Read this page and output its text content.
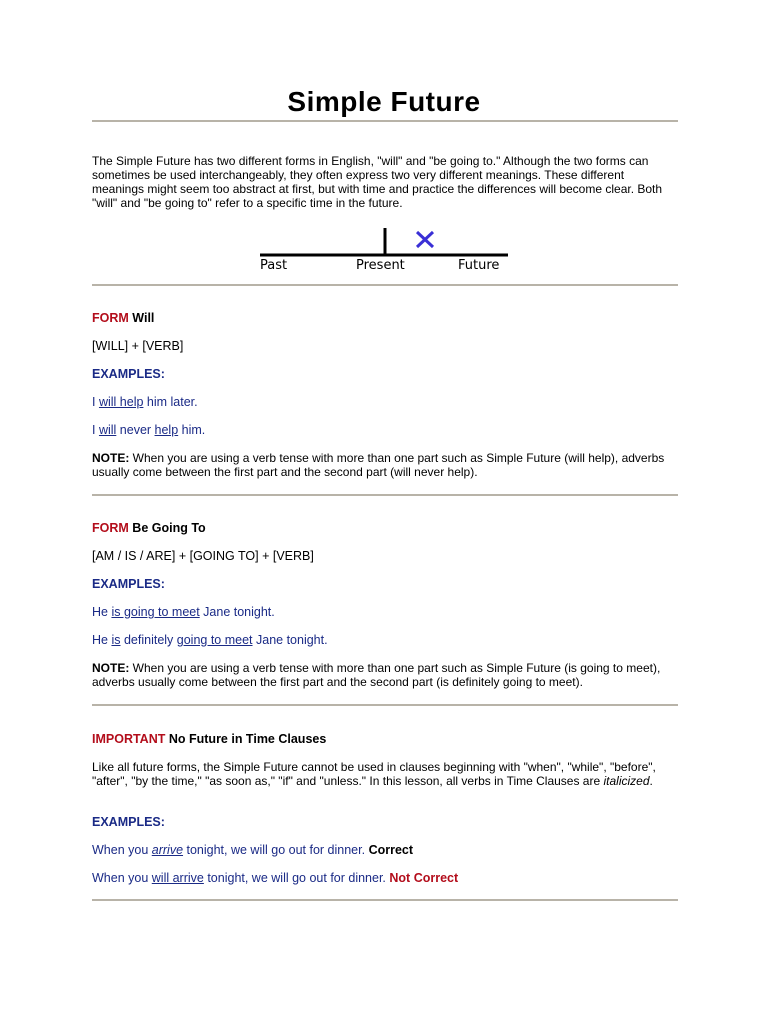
Simple Future
The Simple Future has two different forms in English, "will" and "be going to." Although the two forms can sometimes be used interchangeably, they often express two very different meanings. These different meanings might seem too abstract at first, but with time and practice the differences will become clear. Both "will" and "be going to" refer to a specific time in the future.
Past	Present	Future
FORM Will
[WILL] + [VERB]
EXAMPLES:
I will help him later.
I will never help him.
NOTE: When you are using a verb tense with more than one part such as Simple Future (will help), adverbs usually come between the first part and the second part (will never help).
FORM Be Going To
[AM / IS / ARE] + [GOING TO] + [VERB]
EXAMPLES:
He is going to meet Jane tonight.
He is definitely going to meet Jane tonight.
NOTE: When you are using a verb tense with more than one part such as Simple Future (is going to meet), adverbs usually come between the first part and the second part (is definitely going to meet).
IMPORTANT No Future in Time Clauses
Like all future forms, the Simple Future cannot be used in clauses beginning with "when", "while", "before", "after", "by the time," "as soon as," "if" and "unless." In this lesson, all verbs in Time Clauses are italicized.
EXAMPLES:
When you arrive tonight, we will go out for dinner. Correct
When you will arrive tonight, we will go out for dinner. Not Correct
